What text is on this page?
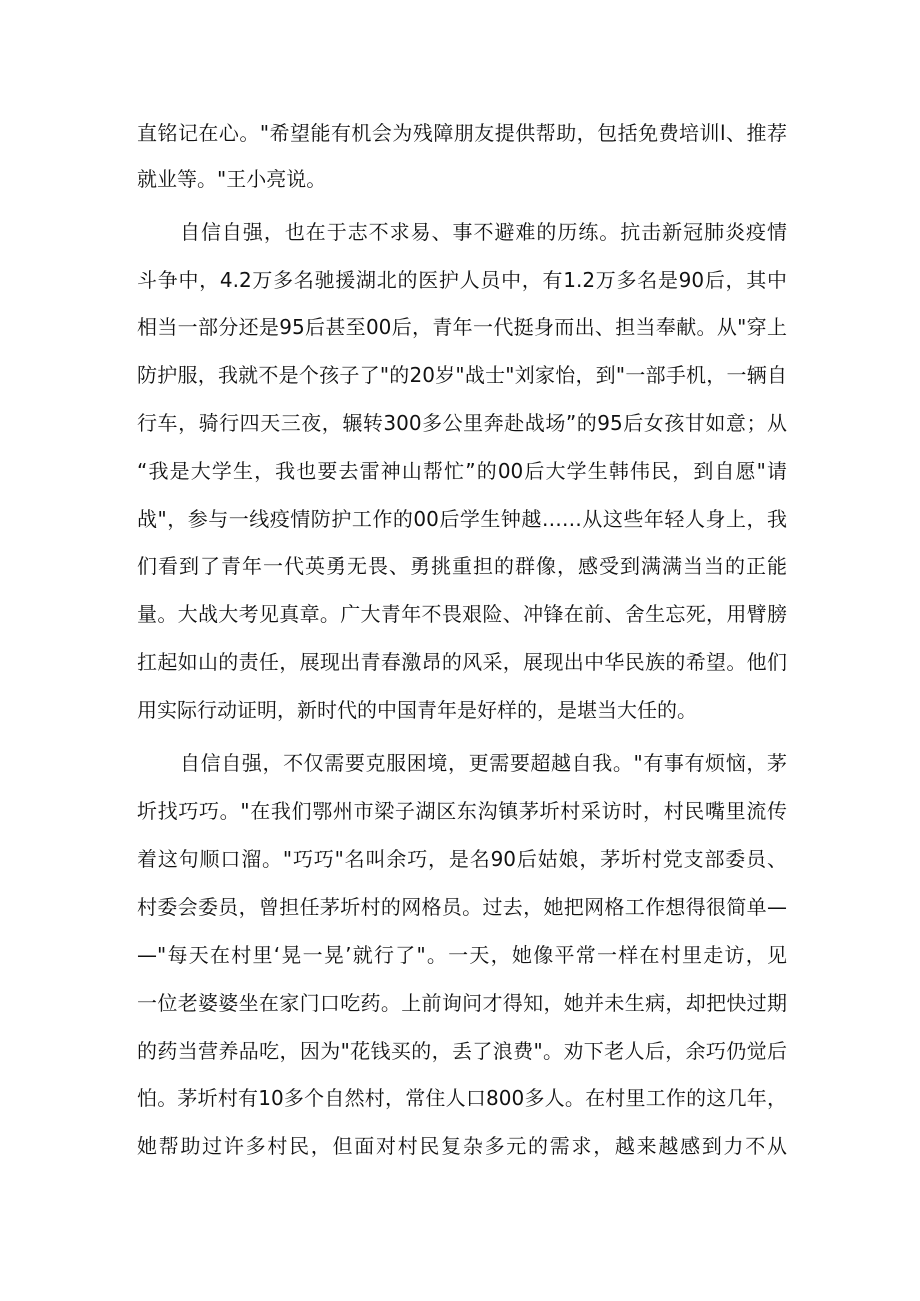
直铭记在心。"希望能有机会为残障朋友提供帮助，包括免费培训l、推荐
就业等。"王小亮说。
自信自强，也在于志不求易、事不避难的历练。抗击新冠肺炎疫情
斗争中，4.2万多名驰援湖北的医护人员中，有1.2万多名是90后，其中
相当一部分还是95后甚至00后，青年一代挺身而出、担当奉献。从"穿上
防护服，我就不是个孩子了"的20岁"战士"刘家怡，到"一部手机，一辆自
行车，骑行四天三夜，辗转300多公里奔赴战场”的95后女孩甘如意；从
“我是大学生，我也要去雷神山帮忙”的00后大学生韩伟民，到自愿"请
战"，参与一线疫情防护工作的00后学生钟越……从这些年轻人身上，我
们看到了青年一代英勇无畏、勇挑重担的群像，感受到满满当当的正能
量。大战大考见真章。广大青年不畏艰险、冲锋在前、舍生忘死，用臂膀
扛起如山的责任，展现出青春激昂的风采，展现出中华民族的希望。他们
用实际行动证明，新时代的中国青年是好样的，是堪当大任的。
自信自强，不仅需要克服困境，更需要超越自我。"有事有烦恼，茅
圻找巧巧。"在我们鄂州市梁子湖区东沟镇茅圻村采访时，村民嘴里流传
着这句顺口溜。"巧巧"名叫余巧，是名90后姑娘，茅圻村党支部委员、
村委会委员，曾担任茅圻村的网格员。过去，她把网格工作想得很简单—
—"每天在村里‘晃一晃’就行了"。一天，她像平常一样在村里走访，见
一位老婆婆坐在家门口吃药。上前询问才得知，她并未生病，却把快过期
的药当营养品吃，因为"花钱买的，丢了浪费"。劝下老人后，余巧仍觉后
怕。茅圻村有10多个自然村，常住人口800多人。在村里工作的这几年，
她帮助过许多村民，但面对村民复杂多元的需求，越来越感到力不从
